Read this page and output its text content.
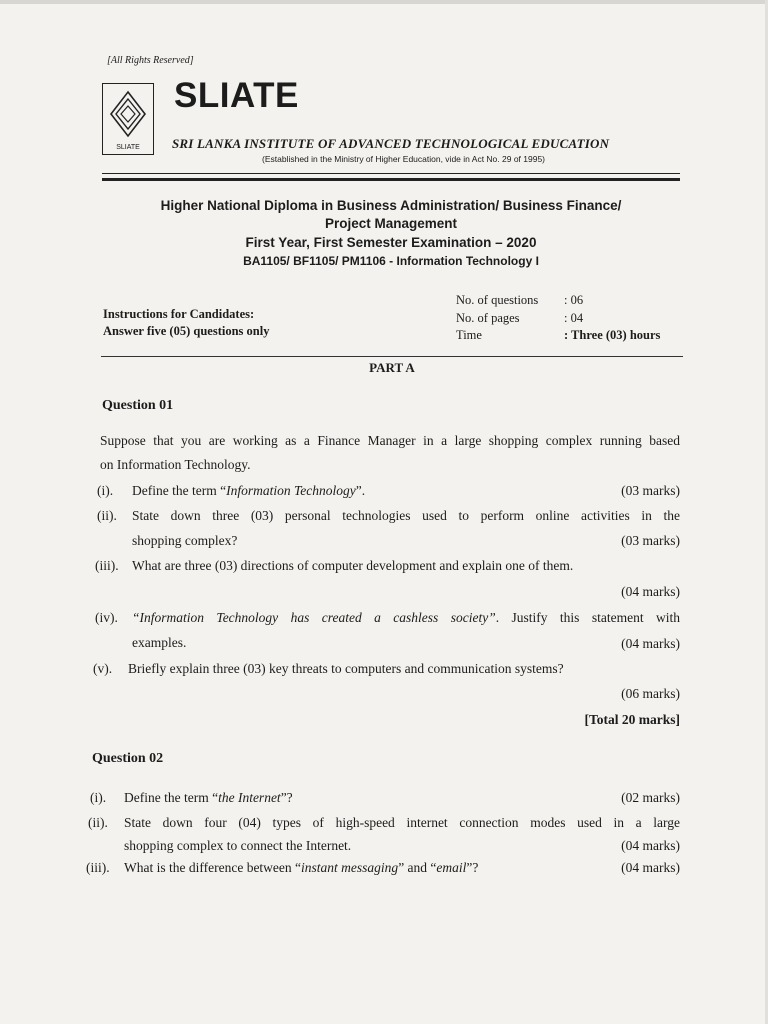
[All Rights Reserved]
SLIATE
SLIATE
SRI LANKA INSTITUTE OF ADVANCED TECHNOLOGICAL EDUCATION
(Established in the Ministry of Higher Education, vide in Act No. 29 of 1995)
Higher National Diploma in Business Administration/ Business Finance/
Project Management
First Year, First Semester Examination – 2020
BA1105/ BF1105/ PM1106 - Information Technology I
Instructions for Candidates:
Answer five (05) questions only
No. of questions : 06
No. of pages	: 04
Time	: Three (03) hours
PART A
Question 01
Suppose that you are working as a Finance Manager in a large shopping complex running based
on Information Technology.
(i). Define the term “Information Technology”.	(03 marks)
(ii). State down three (03) personal technologies used to perform online activities in the
shopping complex?	(03 marks)
(iii). What are three (03) directions of computer development and explain one of them.
(04 marks)
(iv). “Information Technology has created a cashless society”. Justify this statement with
examples.	(04 marks)
(v). Briefly explain three (03) key threats to computers and communication systems?
(06 marks)
[Total 20 marks]
Question 02
(i). Define the term “the Internet”?	(02 marks)
(ii). State down four (04) types of high-speed internet connection modes used in a large
shopping complex to connect the Internet.	(04 marks)
(iii). What is the difference between “instant messaging” and “email”?	(04 marks)
